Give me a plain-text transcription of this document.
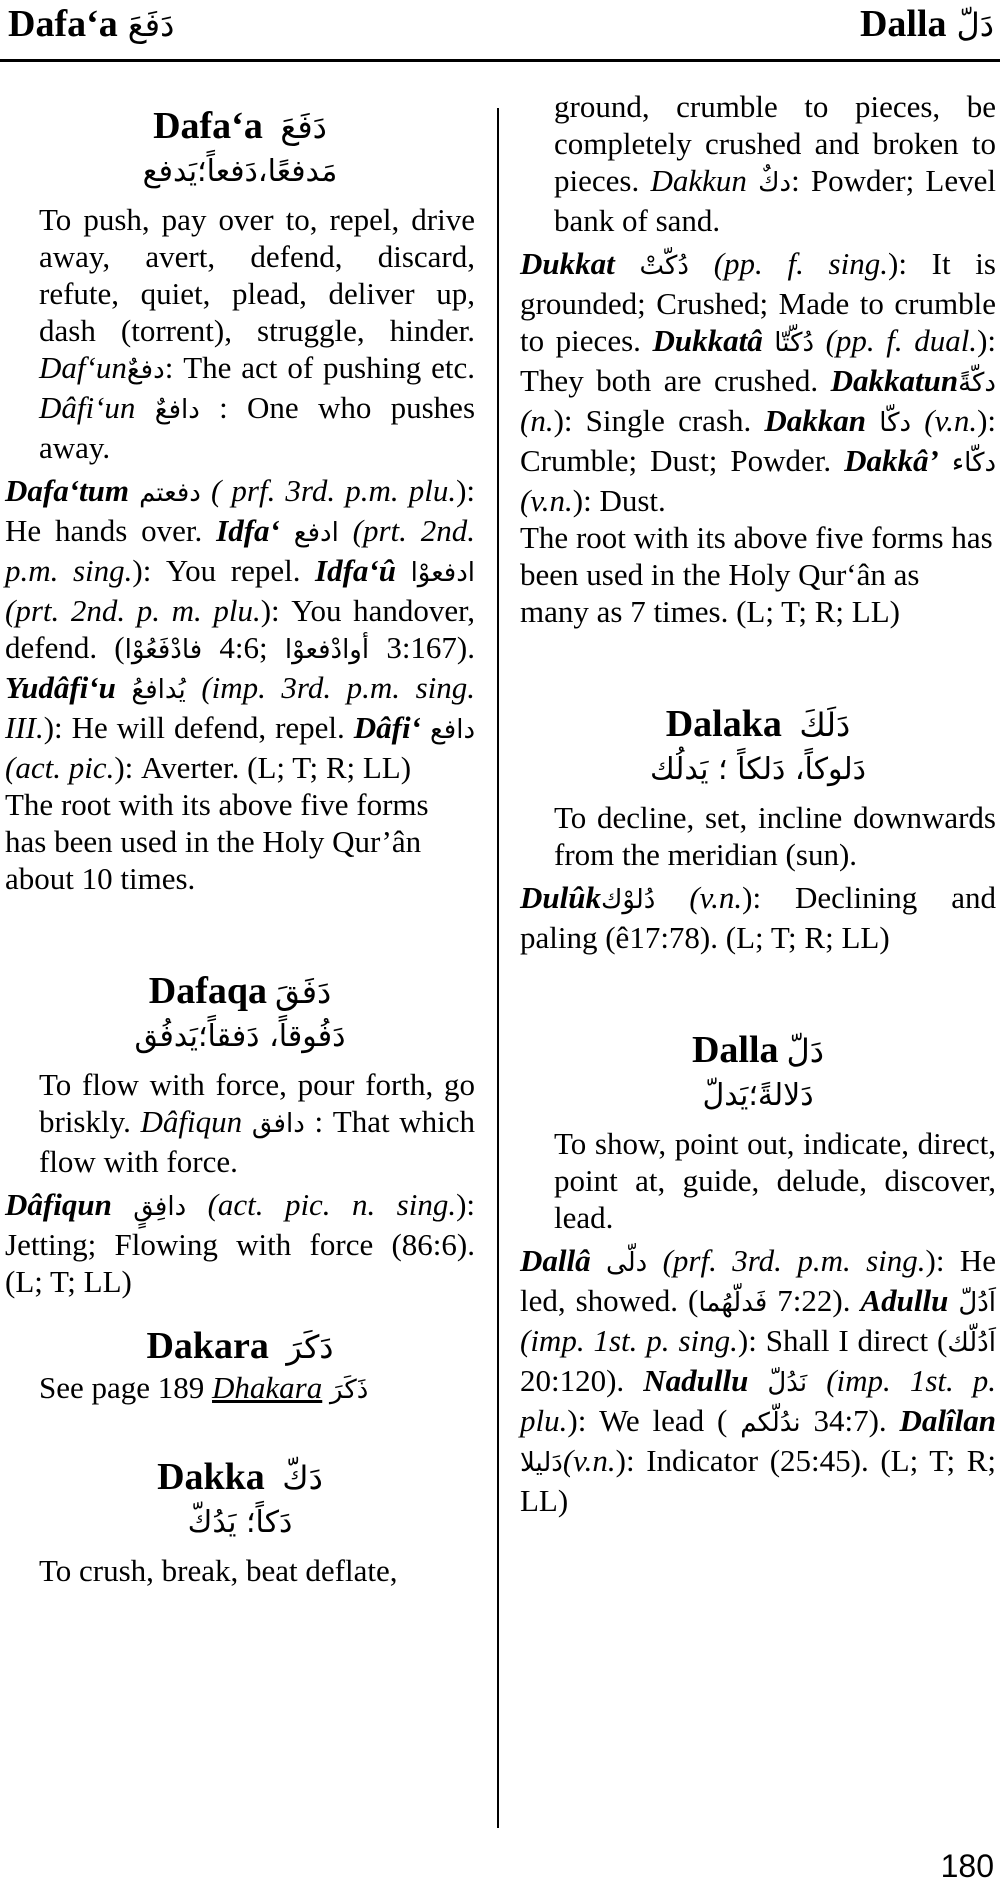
Dafa‘a دَفَعَ	Dalla دَلّ
Dafa‘a دَفَعَ
مَدفعًا،دَفعاً؛يَدفع

To push, pay over to, repel, drive away, avert, defend, discard, refute, quiet, plead, deliver up, dash (torrent), struggle, hinder. Daf‘unدفعٌ: The act of pushing etc. Dâfi‘un دافعٌ : One who pushes away.

Dafa‘tum دفعتم ( prf. 3rd. p.m. plu.): He hands over. Idfa‘ ادفع (prt. 2nd. p.m. sing.): You repel. Idfa‘û ادفعوْا (prt. 2nd. p. m. plu.): You handover, defend. (فادْفَعُوْا 4:6; أوادْفعوْا 3:167). Yudâfi‘u يُدافعُ (imp. 3rd. p.m. sing. III.): He will defend, repel. Dâfi‘ دافع (act. pic.): Averter. (L; T; R; LL)

The root with its above five forms has been used in the Holy Qur’ân about 10 times.

Dafaqa دَفَقَ
دَفُوقاً، دَفقاً؛يَدفُق

To flow with force, pour forth, go briskly. Dâfiqun دافق : That which flow with force.

Dâfiqun دافِقٍ (act. pic. n. sing.): Jetting; Flowing with force (86:6). (L; T; LL)

Dakara دَكَرَ

See page 189 Dhakara ذَكَرَ

Dakka دَكّ
دَكاً؛ يَدُكّ

To crush, break, beat deflate,

ground, crumble to pieces, be completely crushed and broken to pieces. Dakkun دكٌ: Powder; Level bank of sand.

Dukkat دُكّتْ (pp. f. sing.): It is grounded; Crushed; Made to crumble to pieces. Dukkatâ دُكّتّا (pp. f. dual.): They both are crushed. Dakkatunدكّةً (n.): Single crash. Dakkan دكّا (v.n.): Crumble; Dust; Powder. Dakkâ’ دكّاء (v.n.): Dust.

The root with its above five forms has been used in the Holy Qur‘ân as many as 7 times. (L; T; R; LL)

Dalaka دَلَكَ
دَلوكاً، دَلكاً ؛ يَدلُك

To decline, set, incline downwards from the meridian (sun).

Dulûkدُلوْك (v.n.): Declining and paling (ê17:78). (L; T; R; LL)

Dalla دَلّ
دَلالةً؛يَدلّ

To show, point out, indicate, direct, point at, guide, delude, discover, lead.

Dallâ دلّى (prf. 3rd. p.m. sing.): He led, showed. (فَدلّهُما 7:22). Adullu اَدُلّ (imp. 1st. p. sing.): Shall I direct (اَدُلّك 20:120). Nadullu نَدُلّ (imp. 1st. p. plu.): We lead ( ندُلّكم 34:7). Dalîlan دَليلا(v.n.): Indicator (25:45). (L; T; R; LL)

180
